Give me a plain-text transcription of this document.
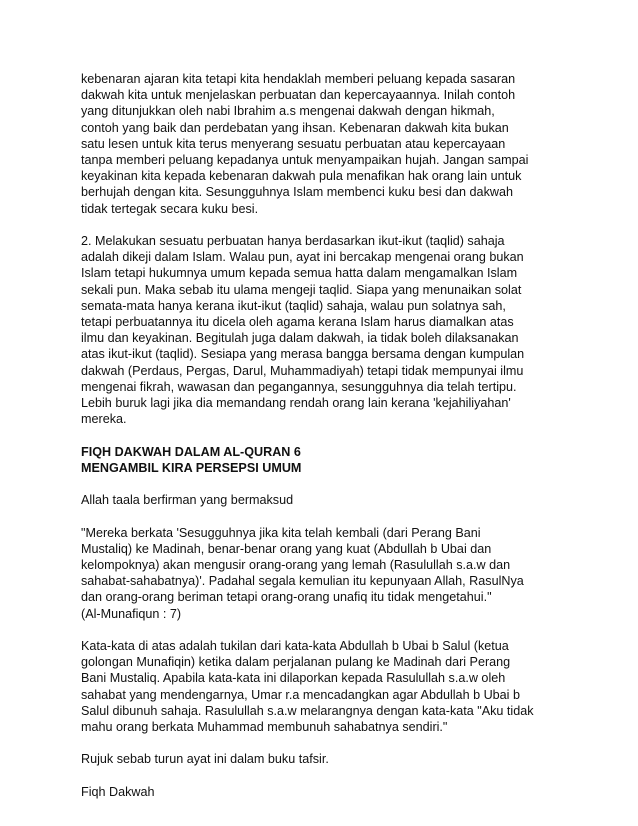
kebenaran ajaran kita tetapi kita hendaklah memberi peluang kepada sasaran
dakwah kita untuk menjelaskan perbuatan dan kepercayaannya. Inilah contoh
yang ditunjukkan oleh nabi Ibrahim a.s mengenai dakwah dengan hikmah,
contoh yang baik dan perdebatan yang ihsan. Kebenaran dakwah kita bukan
satu lesen untuk kita terus menyerang sesuatu perbuatan atau kepercayaan
tanpa memberi peluang kepadanya untuk menyampaikan hujah. Jangan sampai
keyakinan kita kepada kebenaran dakwah pula menafikan hak orang lain untuk
berhujah dengan kita. Sesungguhnya Islam membenci kuku besi dan dakwah
tidak tertegak secara kuku besi.

2. Melakukan sesuatu perbuatan hanya berdasarkan ikut-ikut (taqlid) sahaja
adalah dikeji dalam Islam. Walau pun, ayat ini bercakap mengenai orang bukan
Islam tetapi hukumnya umum kepada semua hatta dalam mengamalkan Islam
sekali pun. Maka sebab itu ulama mengeji taqlid. Siapa yang menunaikan solat
semata-mata hanya kerana ikut-ikut (taqlid) sahaja, walau pun solatnya sah,
tetapi perbuatannya itu dicela oleh agama kerana Islam harus diamalkan atas
ilmu dan keyakinan. Begitulah juga dalam dakwah, ia tidak boleh dilaksanakan
atas ikut-ikut (taqlid). Sesiapa yang merasa bangga bersama dengan kumpulan
dakwah (Perdaus, Pergas, Darul, Muhammadiyah) tetapi tidak mempunyai ilmu
mengenai fikrah, wawasan dan pegangannya, sesungguhnya dia telah tertipu.
Lebih buruk lagi jika dia memandang rendah orang lain kerana 'kejahiliyahan'
mereka.

FIQH DAKWAH DALAM AL-QURAN 6
MENGAMBIL KIRA PERSEPSI UMUM

Allah taala berfirman yang bermaksud

"Mereka berkata 'Sesugguhnya jika kita telah kembali (dari Perang Bani
Mustaliq) ke Madinah, benar-benar orang yang kuat (Abdullah b Ubai dan
kelompoknya) akan mengusir orang-orang yang lemah (Rasulullah s.a.w dan
sahabat-sahabatnya)'. Padahal segala kemulian itu kepunyaan Allah, RasulNya
dan orang-orang beriman tetapi orang-orang unafiq itu tidak mengetahui."
(Al-Munafiqun : 7)

Kata-kata di atas adalah tukilan dari kata-kata Abdullah b Ubai b Salul (ketua
golongan Munafiqin) ketika dalam perjalanan pulang ke Madinah dari Perang
Bani Mustaliq. Apabila kata-kata ini dilaporkan kepada Rasulullah s.a.w oleh
sahabat yang mendengarnya, Umar r.a mencadangkan agar Abdullah b Ubai b
Salul dibunuh sahaja. Rasulullah s.a.w melarangnya dengan kata-kata "Aku tidak
mahu orang berkata Muhammad membunuh sahabatnya sendiri."

Rujuk sebab turun ayat ini dalam buku tafsir.

Fiqh Dakwah
